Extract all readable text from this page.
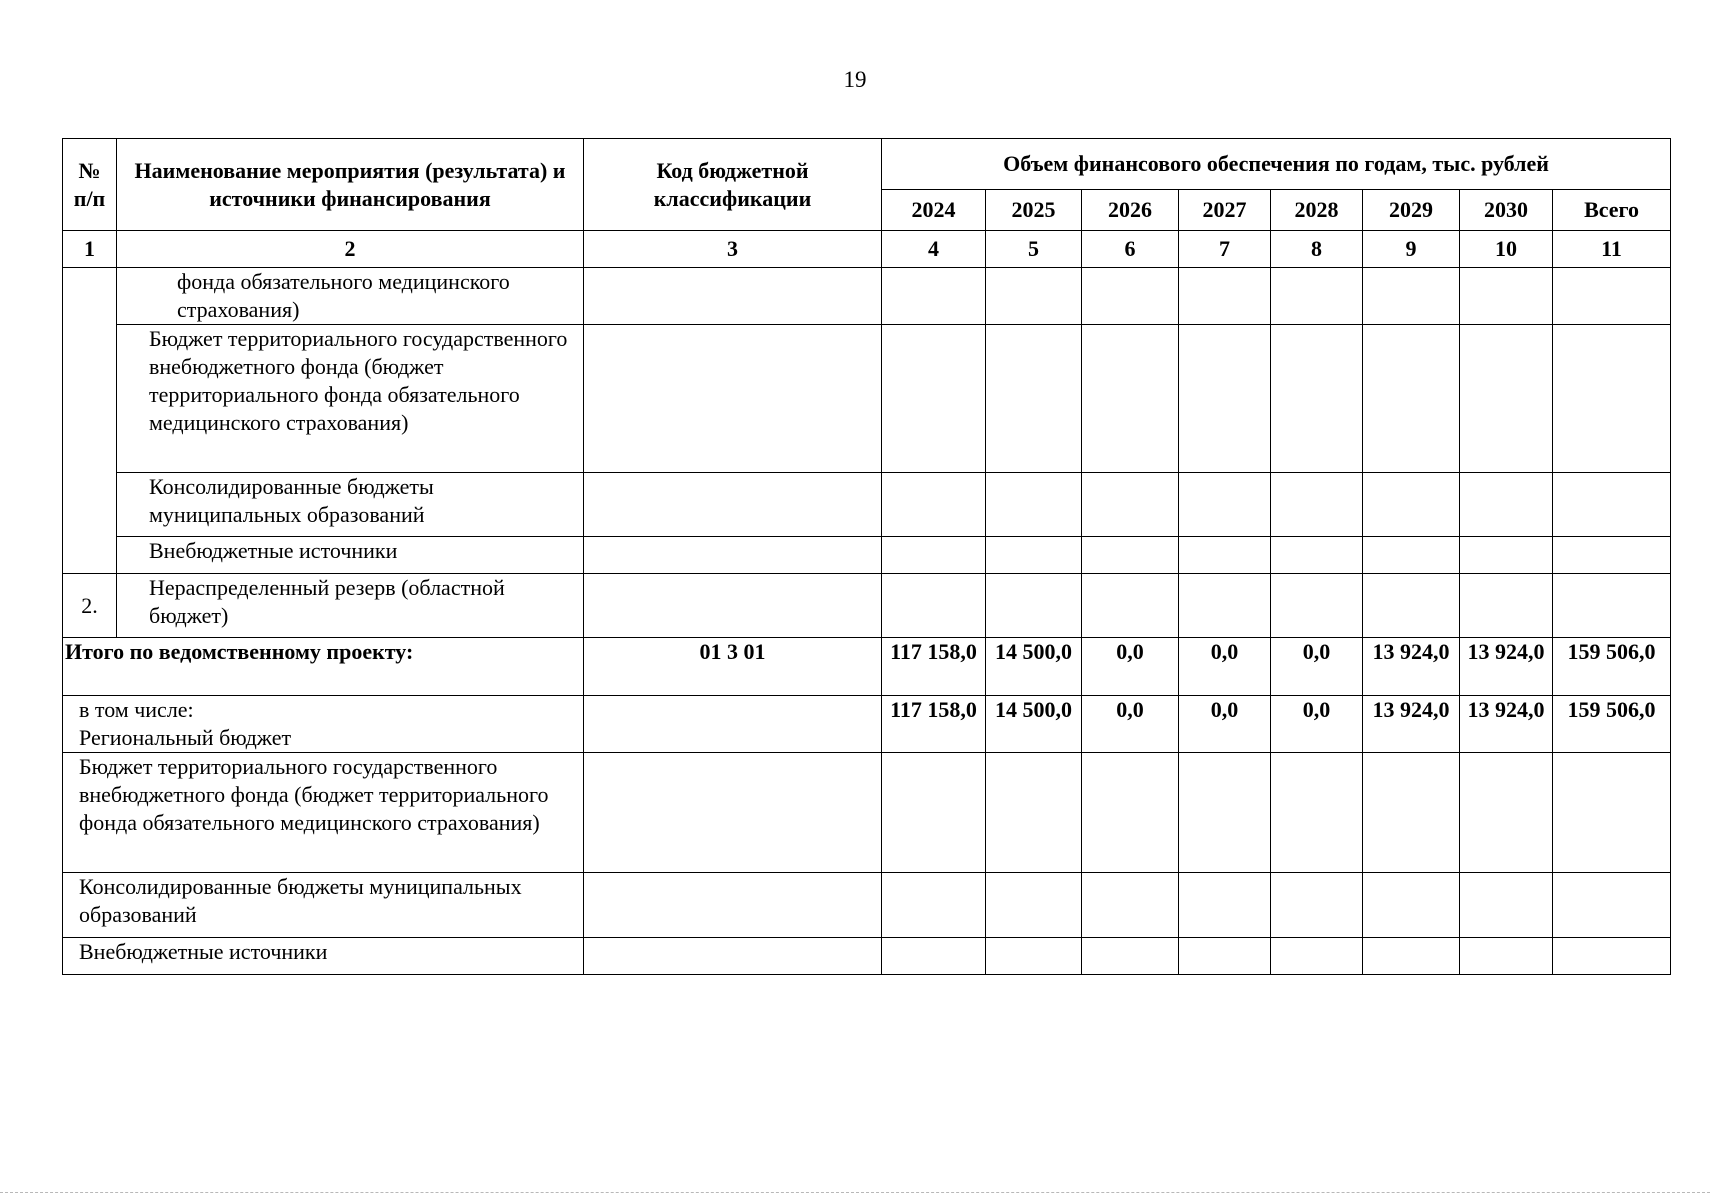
19
№ п/п	Наименование мероприятия (результата) и источники финансирования	Код бюджетной классификации	Объем финансового обеспечения по годам, тыс. рублей							
			2024	2025	2026	2027	2028	2029	2030	Всего
1	2	3	4	5	6	7	8	9	10	11
	фонда обязательного медицинского страхования)									
	Бюджет территориального государственного внебюджетного фонда (бюджет территориального фонда обязательного медицинского страхования)									
	Консолидированные бюджеты муниципальных образований									
	Внебюджетные источники									
2.	Нераспределенный резерв (областной бюджет)									
Итого по ведомственному проекту:		01 3 01	117 158,0	14 500,0	0,0	0,0	0,0	13 924,0	13 924,0	159 506,0

в том числе:
Региональный бюджет			117 158,0	14 500,0	0,0	0,0	0,0	13 924,0	13 924,0	159 506,0
Бюджет территориального государственного внебюджетного фонда (бюджет территориального фонда обязательного медицинского страхования)										
Консолидированные бюджеты муниципальных образований										
Внебюджетные источники										
